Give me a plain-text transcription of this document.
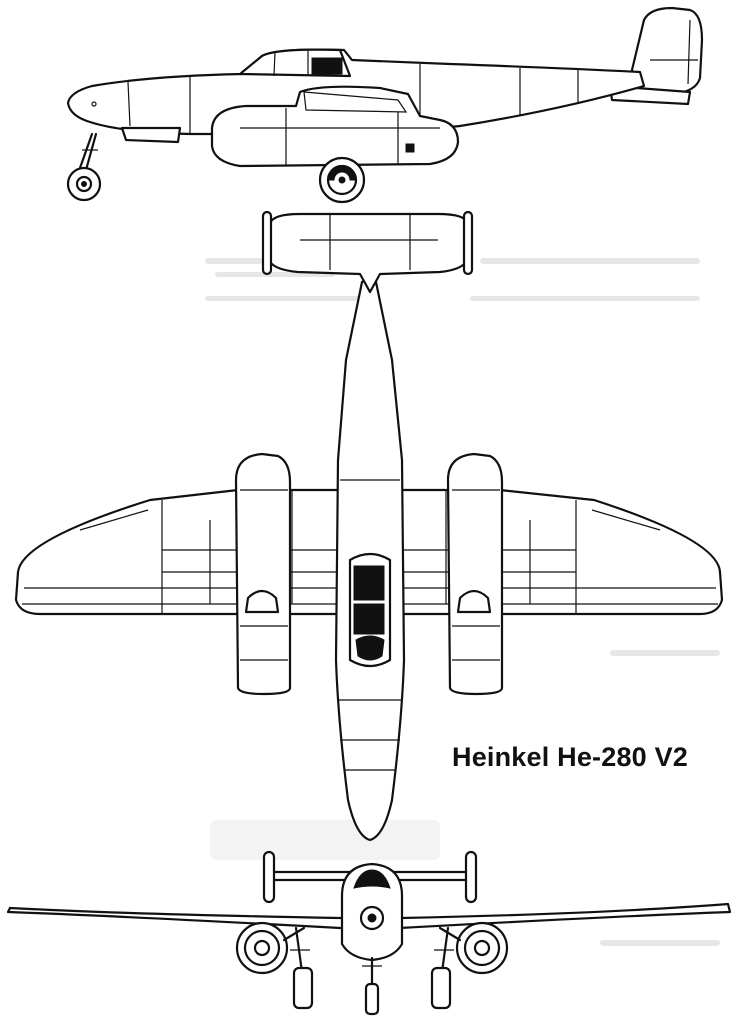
Heinkel He-280 V2
